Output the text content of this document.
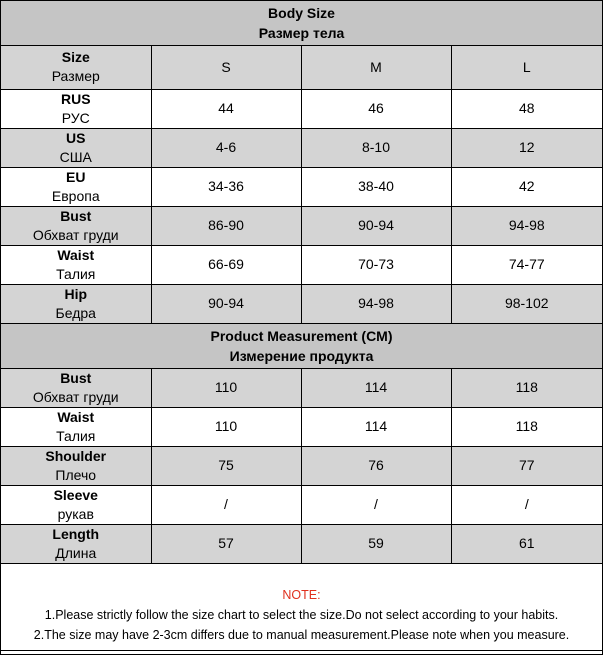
Body Size
Размер тела			

Size
Размер	S	M	L

RUS
РУС	44	46	48

US
США	4-6	8-10	12

EU
Европа	34-36	38-40	42

Bust
Обхват груди	86-90	90-94	94-98

Waist
Талия	66-69	70-73	74-77

Hip
Бедра	90-94	94-98	98-102

Product Measurement (CM)
Измерение продукта			

Bust
Обхват груди	110	114	118

Waist
Талия	110	114	118

Shoulder
Плечо	75	76	77

Sleeve
рукав	/	/	/

Length
Длина	57	59	61

NOTE:
1.Please strictly follow the size chart to select the size.Do not select according to your habits.
2.The size may have 2-3cm differs due to manual measurement.Please note when you measure.			
